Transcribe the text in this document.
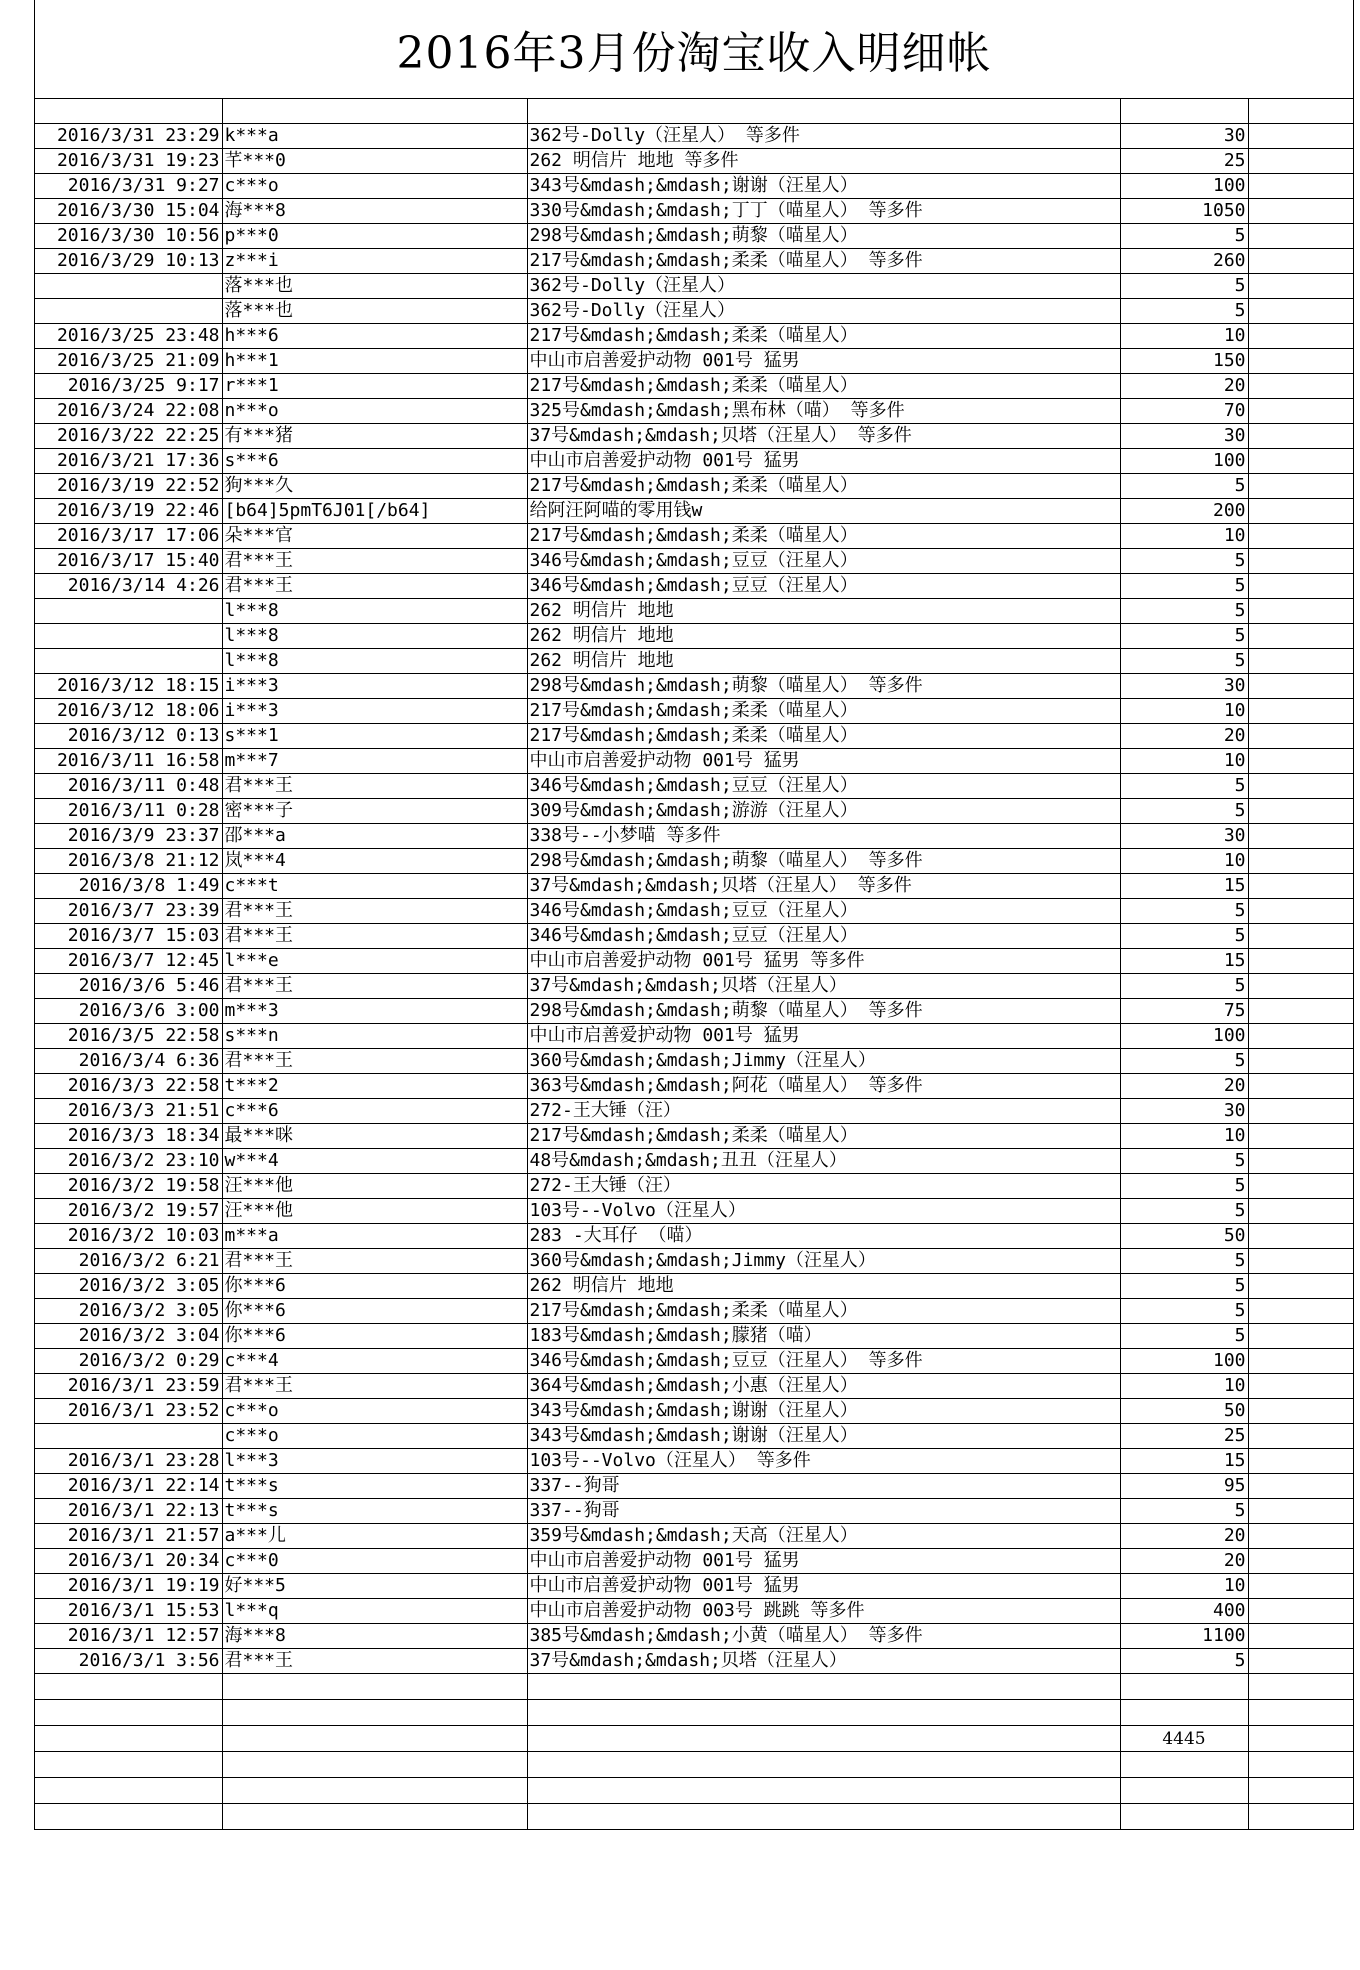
2016年3月份淘宝收入明细帐

2016/3/31 23:29	k***a	362号-Dolly（汪星人） 等多件	30	
2016/3/31 19:23	芊***0	262 明信片 地地 等多件	25	
2016/3/31 9:27	c***o	343号&mdash;&mdash;谢谢（汪星人）	100	
2016/3/30 15:04	海***8	330号&mdash;&mdash;丁丁（喵星人） 等多件	1050	
2016/3/30 10:56	p***0	298号&mdash;&mdash;萌黎（喵星人）	5	
2016/3/29 10:13	z***i	217号&mdash;&mdash;柔柔（喵星人） 等多件	260	
	落***也	362号-Dolly（汪星人）	5	
	落***也	362号-Dolly（汪星人）	5	
2016/3/25 23:48	h***6	217号&mdash;&mdash;柔柔（喵星人）	10	
2016/3/25 21:09	h***1	中山市启善爱护动物 001号 猛男	150	
2016/3/25 9:17	r***1	217号&mdash;&mdash;柔柔（喵星人）	20	
2016/3/24 22:08	n***o	325号&mdash;&mdash;黑布林（喵） 等多件	70	
2016/3/22 22:25	有***猪	37号&mdash;&mdash;贝塔（汪星人） 等多件	30	
2016/3/21 17:36	s***6	中山市启善爱护动物 001号 猛男	100	
2016/3/19 22:52	狗***久	217号&mdash;&mdash;柔柔（喵星人）	5	
2016/3/19 22:46	[b64]5pmT6J01[/b64]	给阿汪阿喵的零用钱w	200	
2016/3/17 17:06	朵***官	217号&mdash;&mdash;柔柔（喵星人）	10	
2016/3/17 15:40	君***王	346号&mdash;&mdash;豆豆（汪星人）	5	
2016/3/14 4:26	君***王	346号&mdash;&mdash;豆豆（汪星人）	5	
	l***8	262 明信片 地地	5	
	l***8	262 明信片 地地	5	
	l***8	262 明信片 地地	5	
2016/3/12 18:15	i***3	298号&mdash;&mdash;萌黎（喵星人） 等多件	30	
2016/3/12 18:06	i***3	217号&mdash;&mdash;柔柔（喵星人）	10	
2016/3/12 0:13	s***1	217号&mdash;&mdash;柔柔（喵星人）	20	
2016/3/11 16:58	m***7	中山市启善爱护动物 001号 猛男	10	
2016/3/11 0:48	君***王	346号&mdash;&mdash;豆豆（汪星人）	5	
2016/3/11 0:28	密***子	309号&mdash;&mdash;游游（汪星人）	5	
2016/3/9 23:37	邵***a	338号--小梦喵 等多件	30	
2016/3/8 21:12	岚***4	298号&mdash;&mdash;萌黎（喵星人） 等多件	10	
2016/3/8 1:49	c***t	37号&mdash;&mdash;贝塔（汪星人） 等多件	15	
2016/3/7 23:39	君***王	346号&mdash;&mdash;豆豆（汪星人）	5	
2016/3/7 15:03	君***王	346号&mdash;&mdash;豆豆（汪星人）	5	
2016/3/7 12:45	l***e	中山市启善爱护动物 001号 猛男 等多件	15	
2016/3/6 5:46	君***王	37号&mdash;&mdash;贝塔（汪星人）	5	
2016/3/6 3:00	m***3	298号&mdash;&mdash;萌黎（喵星人） 等多件	75	
2016/3/5 22:58	s***n	中山市启善爱护动物 001号 猛男	100	
2016/3/4 6:36	君***王	360号&mdash;&mdash;Jimmy（汪星人）	5	
2016/3/3 22:58	t***2	363号&mdash;&mdash;阿花（喵星人） 等多件	20	
2016/3/3 21:51	c***6	272-王大锤（汪）	30	
2016/3/3 18:34	最***咪	217号&mdash;&mdash;柔柔（喵星人）	10	
2016/3/2 23:10	w***4	48号&mdash;&mdash;丑丑（汪星人）	5	
2016/3/2 19:58	汪***他	272-王大锤（汪）	5	
2016/3/2 19:57	汪***他	103号--Volvo（汪星人）	5	
2016/3/2 10:03	m***a	283 -大耳仔 （喵）	50	
2016/3/2 6:21	君***王	360号&mdash;&mdash;Jimmy（汪星人）	5	
2016/3/2 3:05	你***6	262 明信片 地地	5	
2016/3/2 3:05	你***6	217号&mdash;&mdash;柔柔（喵星人）	5	
2016/3/2 3:04	你***6	183号&mdash;&mdash;朦猪（喵）	5	
2016/3/2 0:29	c***4	346号&mdash;&mdash;豆豆（汪星人） 等多件	100	
2016/3/1 23:59	君***王	364号&mdash;&mdash;小惠（汪星人）	10	
2016/3/1 23:52	c***o	343号&mdash;&mdash;谢谢（汪星人）	50	
	c***o	343号&mdash;&mdash;谢谢（汪星人）	25	
2016/3/1 23:28	l***3	103号--Volvo（汪星人） 等多件	15	
2016/3/1 22:14	t***s	337--狗哥	95	
2016/3/1 22:13	t***s	337--狗哥	5	
2016/3/1 21:57	a***儿	359号&mdash;&mdash;天高（汪星人）	20	
2016/3/1 20:34	c***0	中山市启善爱护动物 001号 猛男	20	
2016/3/1 19:19	好***5	中山市启善爱护动物 001号 猛男	10	
2016/3/1 15:53	l***q	中山市启善爱护动物 003号 跳跳 等多件	400	
2016/3/1 12:57	海***8	385号&mdash;&mdash;小黄（喵星人） 等多件	1100	
2016/3/1 3:56	君***王	37号&mdash;&mdash;贝塔（汪星人）	5	

			4445	
